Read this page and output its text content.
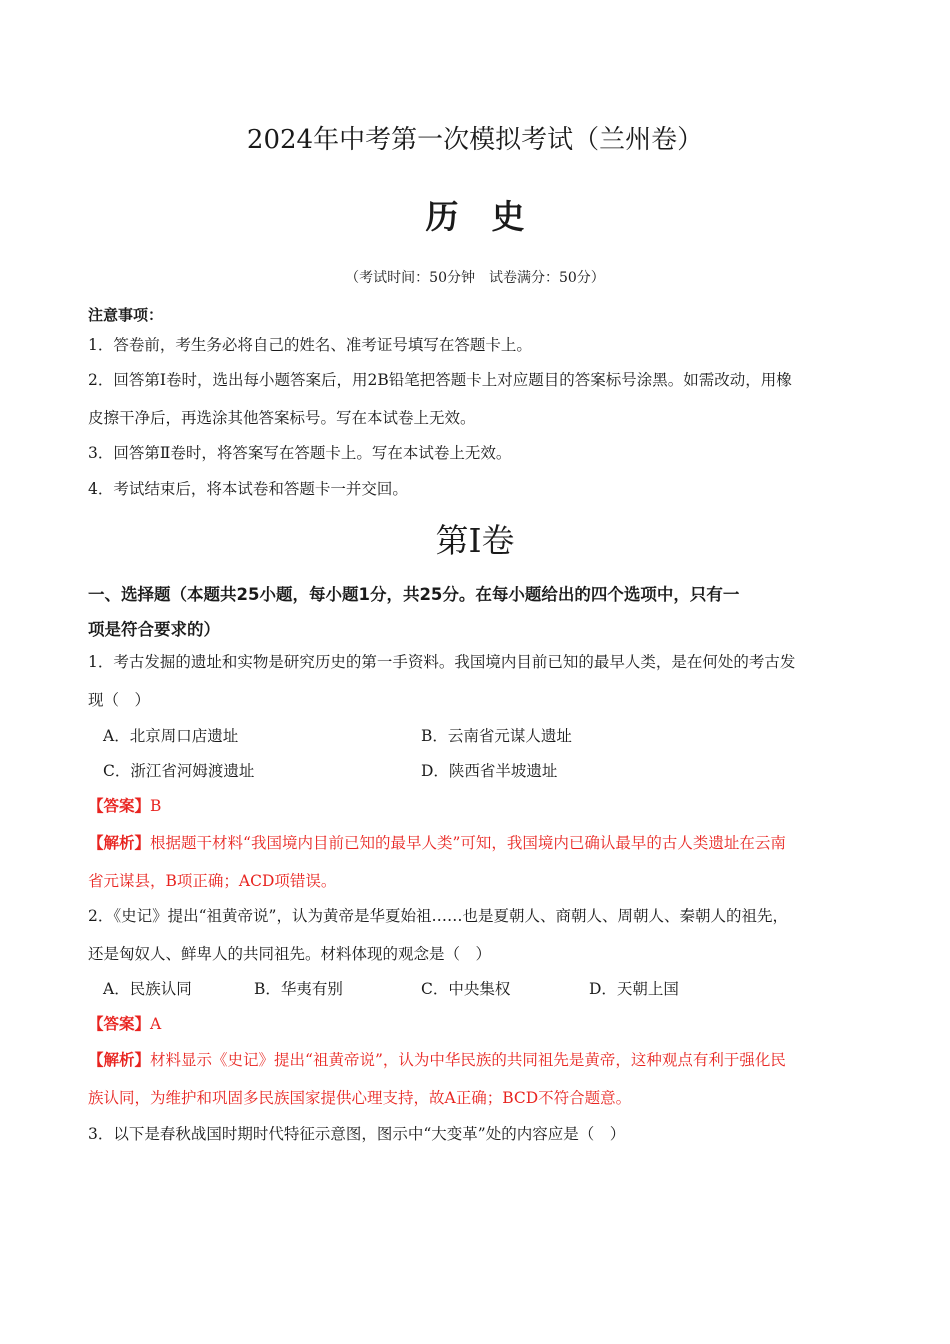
2024年中考第一次模拟考试（兰州卷）
历　史
（考试时间：50分钟　试卷满分：50分）
注意事项：
1．答卷前，考生务必将自己的姓名、准考证号填写在答题卡上。
2．回答第Ⅰ卷时，选出每小题答案后，用2B铅笔把答题卡上对应题目的答案标号涂黑。如需改动，用橡
皮擦干净后，再选涂其他答案标号。写在本试卷上无效。
3．回答第Ⅱ卷时，将答案写在答题卡上。写在本试卷上无效。
4．考试结束后，将本试卷和答题卡一并交回。
第Ⅰ卷
一、选择题（本题共25小题，每小题1分，共25分。在每小题给出的四个选项中，只有一
项是符合要求的）
1．考古发掘的遗址和实物是研究历史的第一手资料。我国境内目前已知的最早人类，是在何处的考古发
现（　）
A．北京周口店遗址	B．云南省元谋人遗址
C．浙江省河姆渡遗址	D．陕西省半坡遗址
【答案】B
【解析】根据题干材料“我国境内目前已知的最早人类”可知，我国境内已确认最早的古人类遗址在云南
省元谋县，B项正确；ACD项错误。
2．《史记》提出“祖黄帝说”，认为黄帝是华夏始祖……也是夏朝人、商朝人、周朝人、秦朝人的祖先，
还是匈奴人、鲜卑人的共同祖先。材料体现的观念是（　）
A．民族认同	B．华夷有别	C．中央集权	D．天朝上国
【答案】A
【解析】材料显示《史记》提出“祖黄帝说”，认为中华民族的共同祖先是黄帝，这种观点有利于强化民
族认同，为维护和巩固多民族国家提供心理支持，故A正确；BCD不符合题意。
3．以下是春秋战国时期时代特征示意图，图示中“大变革”处的内容应是（　）
